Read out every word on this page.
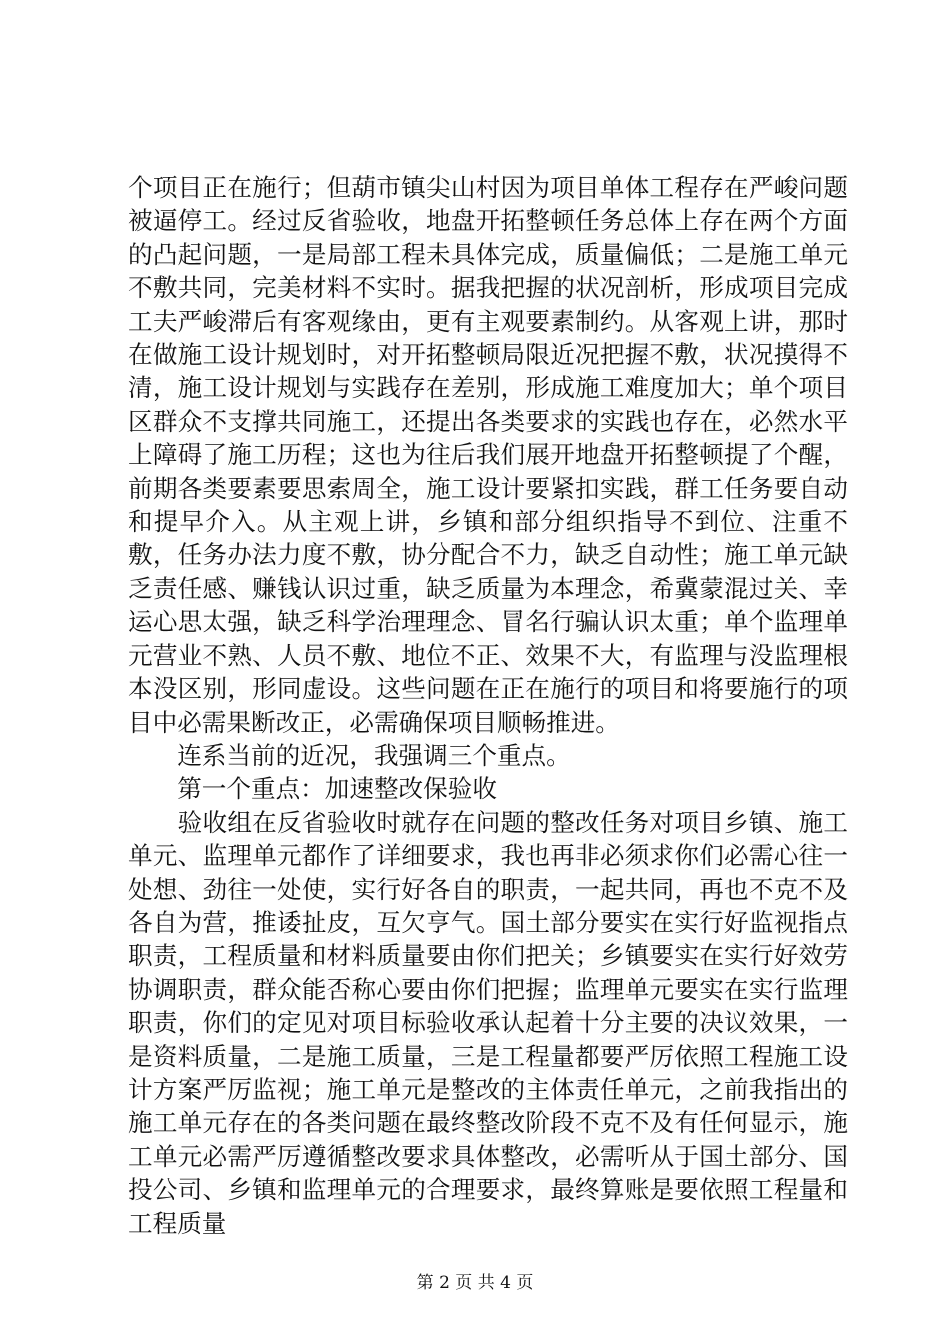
个项目正在施行；但葫市镇尖山村因为项目单体工程存在严峻问题被逼停工。经过反省验收，地盘开拓整顿任务总体上存在两个方面的凸起问题，一是局部工程未具体完成，质量偏低；二是施工单元不敷共同，完美材料不实时。据我把握的状况剖析，形成项目完成工夫严峻滞后有客观缘由，更有主观要素制约。从客观上讲，那时在做施工设计规划时，对开拓整顿局限近况把握不敷，状况摸得不清，施工设计规划与实践存在差别，形成施工难度加大；单个项目区群众不支撑共同施工，还提出各类要求的实践也存在，必然水平上障碍了施工历程；这也为往后我们展开地盘开拓整顿提了个醒，前期各类要素要思索周全，施工设计要紧扣实践，群工任务要自动和提早介入。从主观上讲，乡镇和部分组织指导不到位、注重不敷，任务办法力度不敷，协分配合不力，缺乏自动性；施工单元缺乏责任感、赚钱认识过重，缺乏质量为本理念，希冀蒙混过关、幸运心思太强，缺乏科学治理理念、冒名行骗认识太重；单个监理单元营业不熟、人员不敷、地位不正、效果不大，有监理与没监理根本没区别，形同虚设。这些问题在正在施行的项目和将要施行的项目中必需果断改正，必需确保项目顺畅推进。

　　连系当前的近况，我强调三个重点。

　　第一个重点：加速整改保验收

　　验收组在反省验收时就存在问题的整改任务对项目乡镇、施工单元、监理单元都作了详细要求，我也再非必须求你们必需心往一处想、劲往一处使，实行好各自的职责，一起共同，再也不克不及各自为营，推诿扯皮，互欠亨气。国土部分要实在实行好监视指点职责，工程质量和材料质量要由你们把关；乡镇要实在实行好效劳协调职责，群众能否称心要由你们把握；监理单元要实在实行监理职责，你们的定见对项目标验收承认起着十分主要的决议效果，一是资料质量，二是施工质量，三是工程量都要严厉依照工程施工设计方案严厉监视；施工单元是整改的主体责任单元，之前我指出的施工单元存在的各类问题在最终整改阶段不克不及有任何显示，施工单元必需严厉遵循整改要求具体整改，必需听从于国土部分、国投公司、乡镇和监理单元的合理要求，最终算账是要依照工程量和工程质量

第 2 页 共 4 页
